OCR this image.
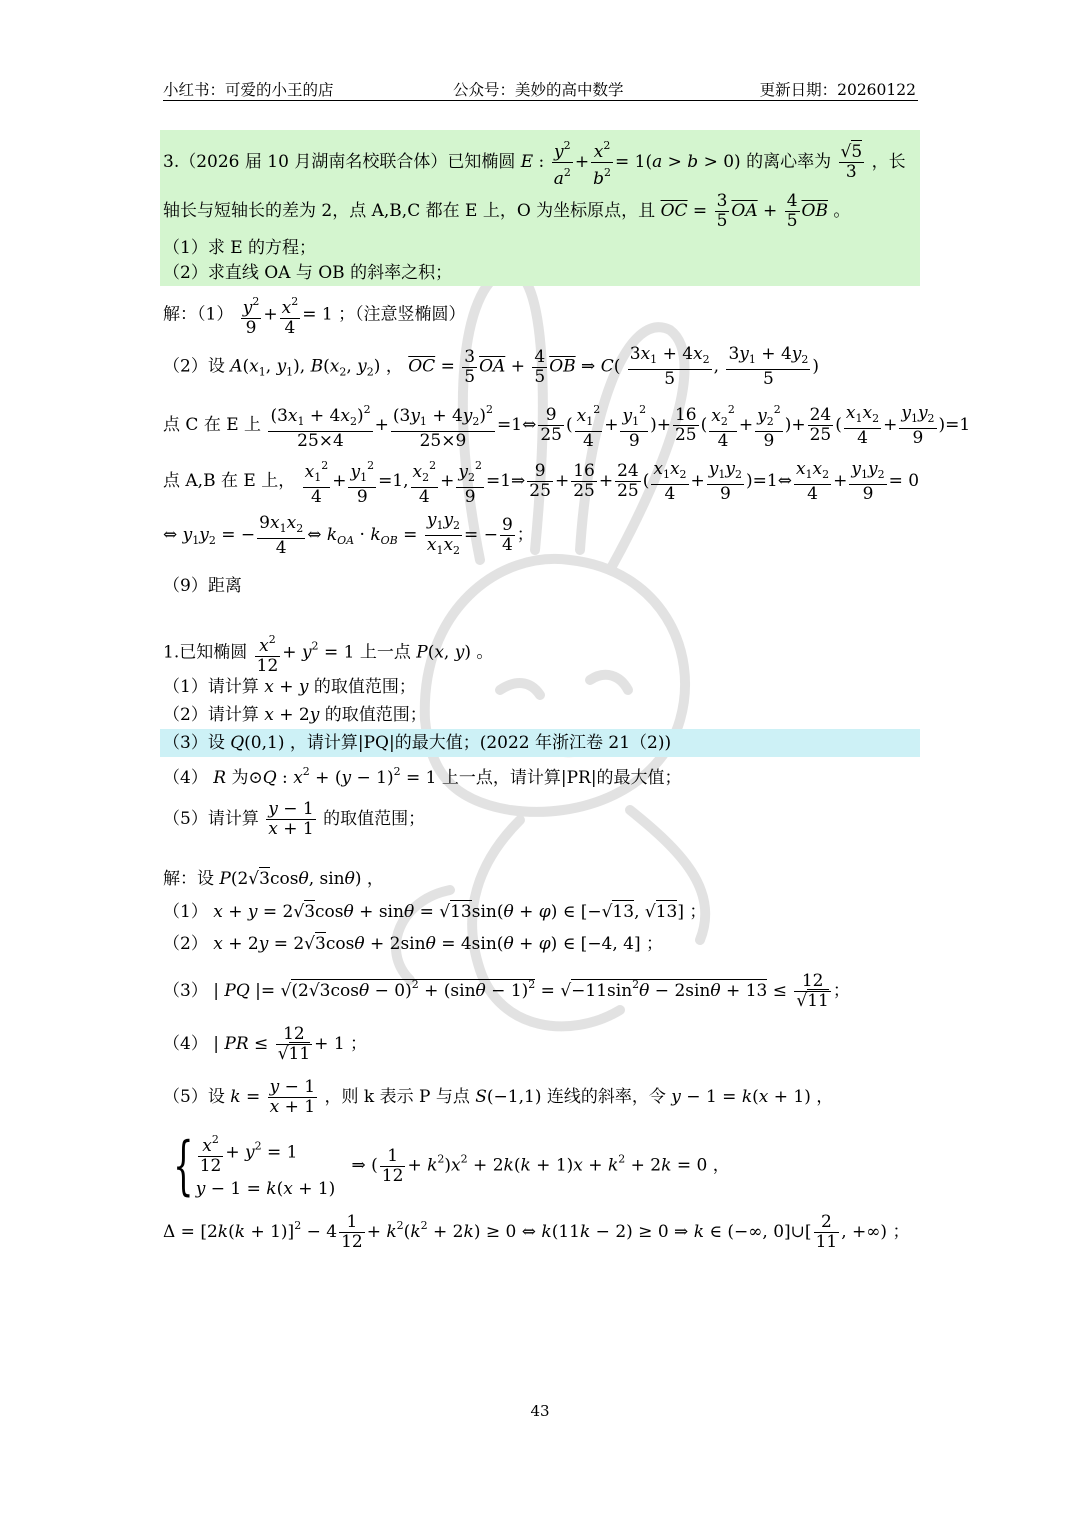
小红书：可爱的小王的店	公众号：美妙的高中数学	更新日期：20260122
3.（2026 届 10 月湖南名校联合体）已知椭圆 E : $\frac{y^2}{a^2} + \frac{x^2}{b^2} = 1(a > b > 0)$ 的离心率为 $\frac{√5}{3}$ ，长
轴长与短轴长的差为 2，点 A,B,C 都在 E 上，O 为坐标原点，且 $\overline{OC} = \frac{3}{5} \overline{OA} + \frac{4}{5} \overline{OB}$ 。
（1）求 E 的方程；
（2）求直线 OA 与 OB 的斜率之积；
解：$(1) \frac{y^2}{9} + \frac{x^2}{4} = 1$ ；（注意竖椭圆）
（2）设 $A(x_1$, $y_1$), $B(x_2$, $y_2$) ， $\overline{OC} = \frac{3}{5} \overline{OA} + \frac{4}{5} \overline{OB}$ ⇒ $C( \frac{3x_1 + 4x_2}{5}$ , $\frac{3y_1 + 4y_2}{5}$ )
点 C 在 E 上 $\frac{(3x_1 + 4x_2)^2}{25\times 4} + \frac{(3y_1 + 4y_2)^2}{25\times 9}$ =1⇔ $\frac{9}{25}$ ( $\frac{x_1^2}{4} + \frac{y_1^2}{9}$ )+ $\frac{16}{25}$ ( $\frac{x_2^2}{4} + \frac{y_2^2}{9}$ )+ $\frac{24}{25}$ ( $\frac{x_1x_2}{4} + \frac{y_1y_2}{9} )=1$
点 A,B 在 E 上， $\frac{x_1^2}{4} + \frac{y_1^2}{9} =1$, $\frac{x_2^2}{4} + \frac{y_2^2}{9}$ =1⇒ $\frac{9}{25} + \frac{16}{25} + \frac{24}{25}$ ( $\frac{x_1x_2}{4} + \frac{y_1y_2}{9}$ )=1⇔ $\frac{x_1x_2}{4} + \frac{y_1y_2}{9} = 0$
⇔ $y_1y_2$ = − $\frac{9x_1x_2}{4}$ ⇔ $k_{OA} \cdot k_{OB} = \frac{y_1y_2}{x_1x_2}$ = − $\frac{9}{4}$ ；
（9）距离
1.已知椭圆 $\frac{x^2}{12} + y^2 = 1$ 上一点 P(x, y) 。
（1）请计算 x + y 的取值范围；
（2）请计算 x + 2y 的取值范围；
（3）设 Q(0,1) ，请计算|PQ|的最大值；(2022 年浙江卷 21（2))
（4） R 为⊙Q : $x^2 + (y - 1)^2 = 1$ 上一点，请计算|PR|的最大值；
（5）请计算 $\frac{y - 1}{x + 1}$ 的取值范围；
解：设 P(2√3cosθ, sinθ) ，
（1） x + y = 2√3cosθ + sinθ = √13sin(θ + φ) ∈ [−√13, √13] ；
（2） x + 2y = 2√3cosθ + 2sinθ = 4sin(θ + φ) ∈ [−4, 4] ；
（3） | PQ |= $√(2√3\cos\theta - 0)^2 + (\sin\theta - 1)^2 = √-11\sin^2\theta - 2\sin\theta + 13 \le \frac{12}{√11}$ ；
（4） | PR ≤ $\frac{12}{√11} + 1$ ；
（5）设 $k = \frac{y - 1}{x + 1}$ ，则 k 表示 P 与点 S(−1,1) 连线的斜率，令 y − 1 = k(x + 1) ，
{ $\frac{x^2}{12} + y^2 = 1$
y − 1 = k(x + 1)
⇒ ( $\frac{1}{12} + k^2)x^2 + 2k(k + 1)x + k^2 + 2k = 0$ ，
$\Delta = [2k(k + 1)]^2 - 4 \frac{1}{12} + k^2(k^2 + 2k) \ge 0$ ⇔ k(11k − 2) ≥ 0 ⇒ k ∈ (−∞, 0]∪[ $\frac{2}{11}$ , +∞) ；
43
